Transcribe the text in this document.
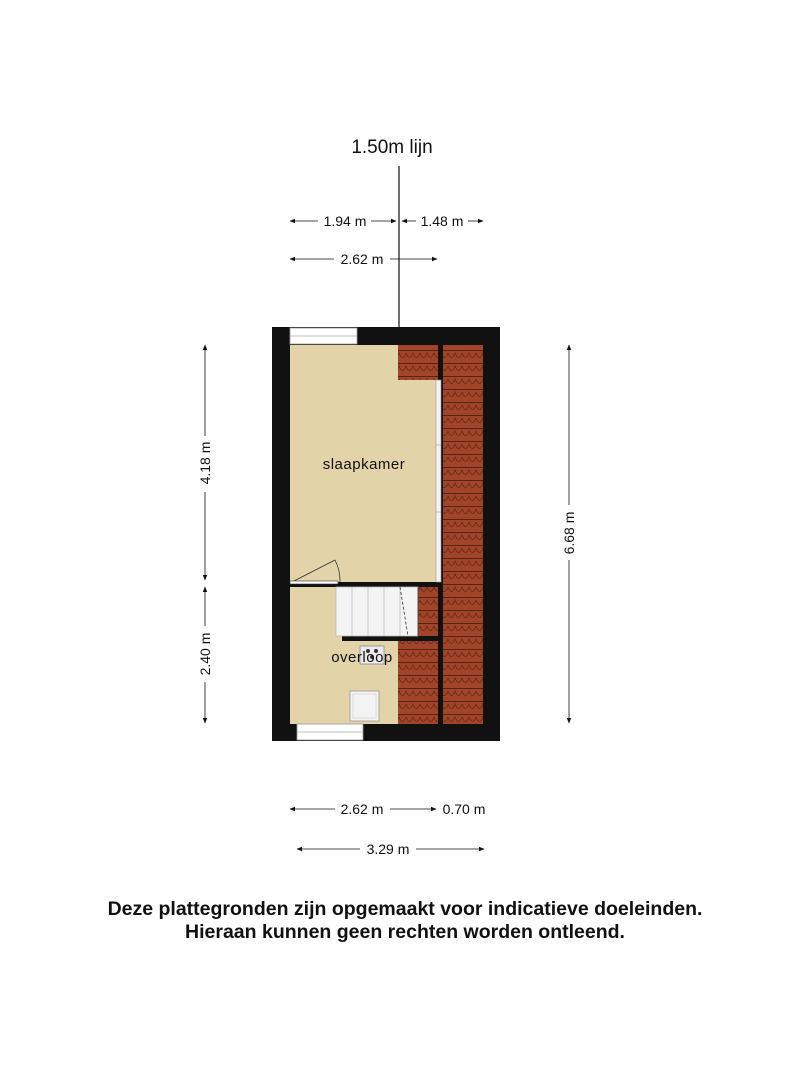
1.50m lijn
1.94 m	1.48 m
2.62 m
4.18 m
2.40 m
6.68 m
slaapkamer
overloop
2.62 m	0.70 m
3.29 m
Deze plattegronden zijn opgemaakt voor indicatieve doeleinden.
Hieraan kunnen geen rechten worden ontleend.
